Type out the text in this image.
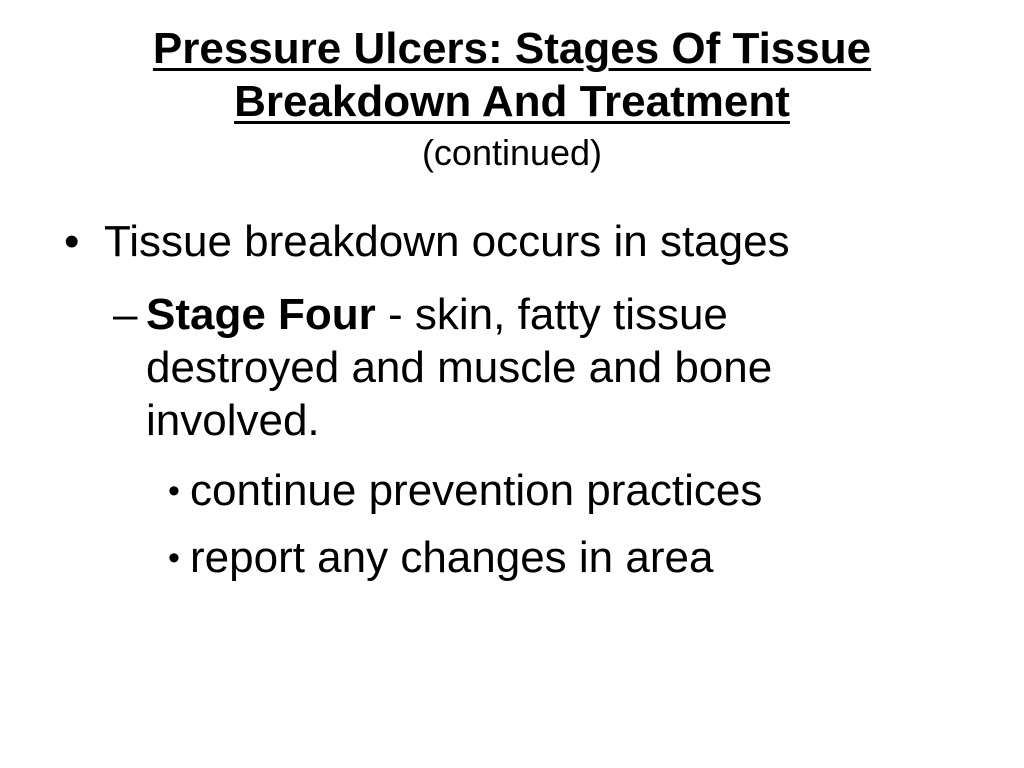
Pressure Ulcers: Stages Of Tissue
Breakdown And Treatment
(continued)
• Tissue breakdown occurs in stages
– Stage Four - skin, fatty tissue
destroyed and muscle and bone
involved.
• continue prevention practices
• report any changes in area
